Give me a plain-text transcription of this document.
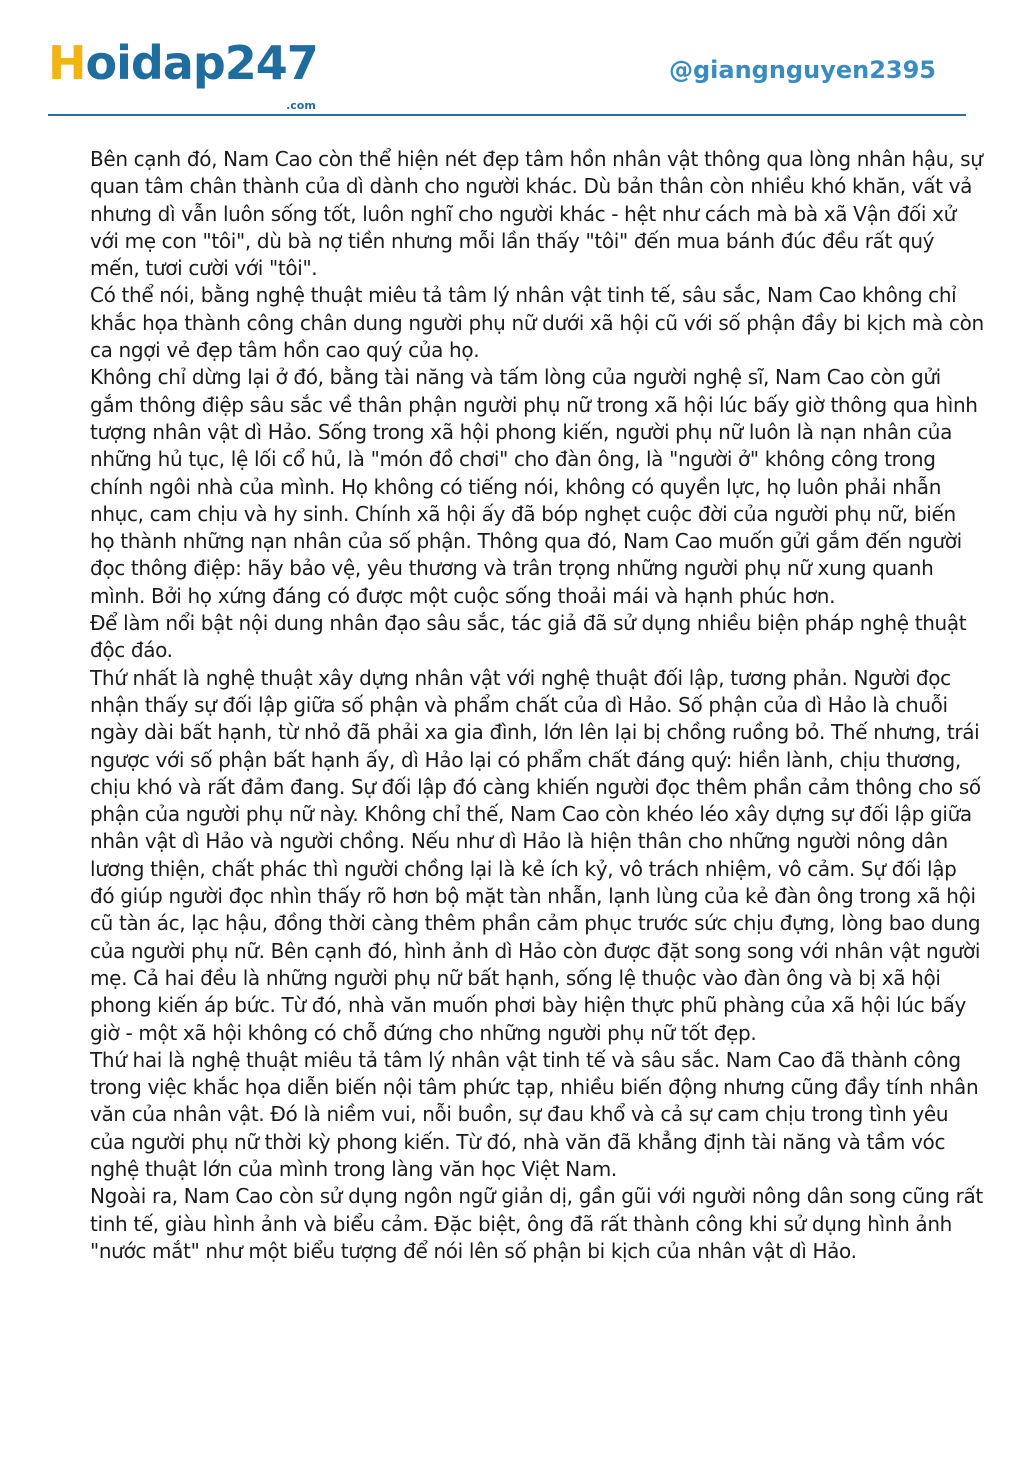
Hoidap247
.com
@giangnguyen2395

Bên cạnh đó, Nam Cao còn thể hiện nét đẹp tâm hồn nhân vật thông qua lòng nhân hậu, sự quan tâm chân thành của dì dành cho người khác. Dù bản thân còn nhiều khó khăn, vất vả nhưng dì vẫn luôn sống tốt, luôn nghĩ cho người khác - hệt như cách mà bà xã Vận đối xử với mẹ con "tôi", dù bà nợ tiền nhưng mỗi lần thấy "tôi" đến mua bánh đúc đều rất quý mến, tươi cười với "tôi".

Có thể nói, bằng nghệ thuật miêu tả tâm lý nhân vật tinh tế, sâu sắc, Nam Cao không chỉ khắc họa thành công chân dung người phụ nữ dưới xã hội cũ với số phận đầy bi kịch mà còn ca ngợi vẻ đẹp tâm hồn cao quý của họ.

Không chỉ dừng lại ở đó, bằng tài năng và tấm lòng của người nghệ sĩ, Nam Cao còn gửi gắm thông điệp sâu sắc về thân phận người phụ nữ trong xã hội lúc bấy giờ thông qua hình tượng nhân vật dì Hảo. Sống trong xã hội phong kiến, người phụ nữ luôn là nạn nhân của những hủ tục, lệ lối cổ hủ, là "món đồ chơi" cho đàn ông, là "người ở" không công trong chính ngôi nhà của mình. Họ không có tiếng nói, không có quyền lực, họ luôn phải nhẫn nhục, cam chịu và hy sinh. Chính xã hội ấy đã bóp nghẹt cuộc đời của người phụ nữ, biến họ thành những nạn nhân của số phận. Thông qua đó, Nam Cao muốn gửi gắm đến người đọc thông điệp: hãy bảo vệ, yêu thương và trân trọng những người phụ nữ xung quanh mình. Bởi họ xứng đáng có được một cuộc sống thoải mái và hạnh phúc hơn.

Để làm nổi bật nội dung nhân đạo sâu sắc, tác giả đã sử dụng nhiều biện pháp nghệ thuật độc đáo.

Thứ nhất là nghệ thuật xây dựng nhân vật với nghệ thuật đối lập, tương phản. Người đọc nhận thấy sự đối lập giữa số phận và phẩm chất của dì Hảo. Số phận của dì Hảo là chuỗi ngày dài bất hạnh, từ nhỏ đã phải xa gia đình, lớn lên lại bị chồng ruồng bỏ. Thế nhưng, trái ngược với số phận bất hạnh ấy, dì Hảo lại có phẩm chất đáng quý: hiền lành, chịu thương, chịu khó và rất đảm đang. Sự đối lập đó càng khiến người đọc thêm phần cảm thông cho số phận của người phụ nữ này. Không chỉ thế, Nam Cao còn khéo léo xây dựng sự đối lập giữa nhân vật dì Hảo và người chồng. Nếu như dì Hảo là hiện thân cho những người nông dân lương thiện, chất phác thì người chồng lại là kẻ ích kỷ, vô trách nhiệm, vô cảm. Sự đối lập đó giúp người đọc nhìn thấy rõ hơn bộ mặt tàn nhẫn, lạnh lùng của kẻ đàn ông trong xã hội cũ tàn ác, lạc hậu, đồng thời càng thêm phần cảm phục trước sức chịu đựng, lòng bao dung của người phụ nữ. Bên cạnh đó, hình ảnh dì Hảo còn được đặt song song với nhân vật người mẹ. Cả hai đều là những người phụ nữ bất hạnh, sống lệ thuộc vào đàn ông và bị xã hội phong kiến áp bức. Từ đó, nhà văn muốn phơi bày hiện thực phũ phàng của xã hội lúc bấy giờ - một xã hội không có chỗ đứng cho những người phụ nữ tốt đẹp.

Thứ hai là nghệ thuật miêu tả tâm lý nhân vật tinh tế và sâu sắc. Nam Cao đã thành công trong việc khắc họa diễn biến nội tâm phức tạp, nhiều biến động nhưng cũng đầy tính nhân văn của nhân vật. Đó là niềm vui, nỗi buồn, sự đau khổ và cả sự cam chịu trong tình yêu của người phụ nữ thời kỳ phong kiến. Từ đó, nhà văn đã khẳng định tài năng và tầm vóc nghệ thuật lớn của mình trong làng văn học Việt Nam.

Ngoài ra, Nam Cao còn sử dụng ngôn ngữ giản dị, gần gũi với người nông dân song cũng rất tinh tế, giàu hình ảnh và biểu cảm. Đặc biệt, ông đã rất thành công khi sử dụng hình ảnh "nước mắt" như một biểu tượng để nói lên số phận bi kịch của nhân vật dì Hảo.
